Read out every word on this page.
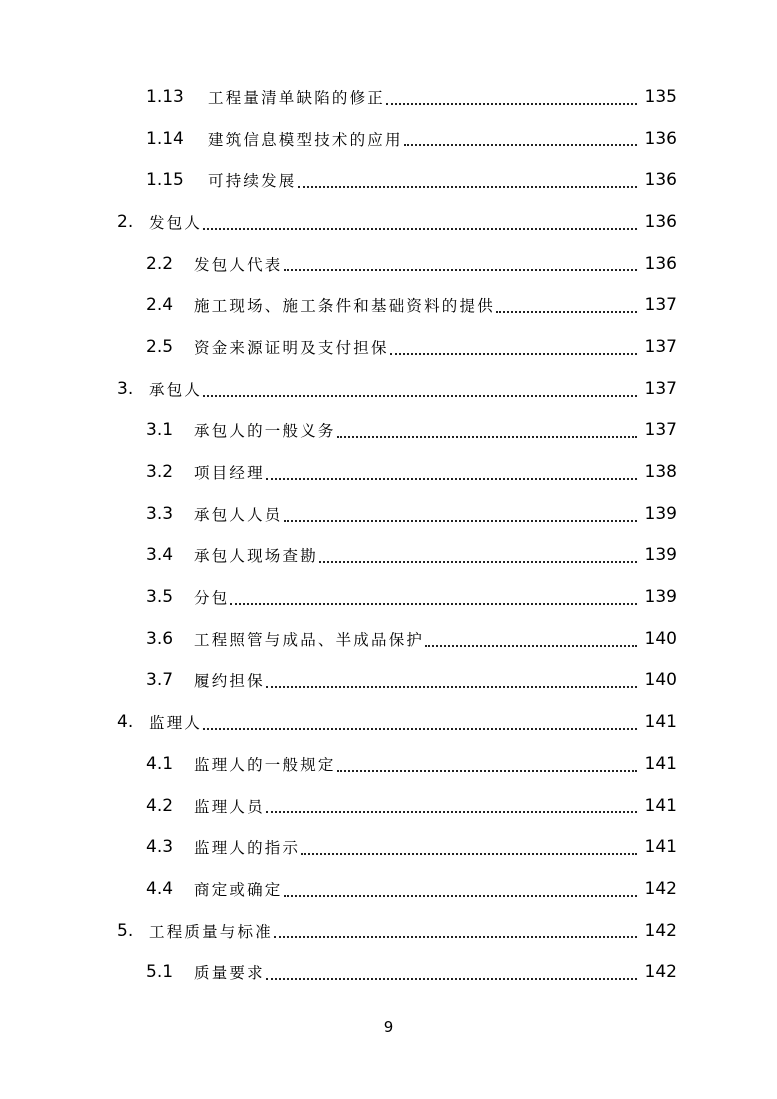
1.13	工程量清单缺陷的修正	135
1.14	建筑信息模型技术的应用	136
1.15	可持续发展	136
2.	发包人	136
2.2	发包人代表	136
2.4	施工现场、施工条件和基础资料的提供	137
2.5	资金来源证明及支付担保	137
3.	承包人	137
3.1	承包人的一般义务	137
3.2	项目经理	138
3.3	承包人人员	139
3.4	承包人现场查勘	139
3.5	分包	139
3.6	工程照管与成品、半成品保护	140
3.7	履约担保	140
4.	监理人	141
4.1	监理人的一般规定	141
4.2	监理人员	141
4.3	监理人的指示	141
4.4	商定或确定	142
5.	工程质量与标准	142
5.1	质量要求	142
9
